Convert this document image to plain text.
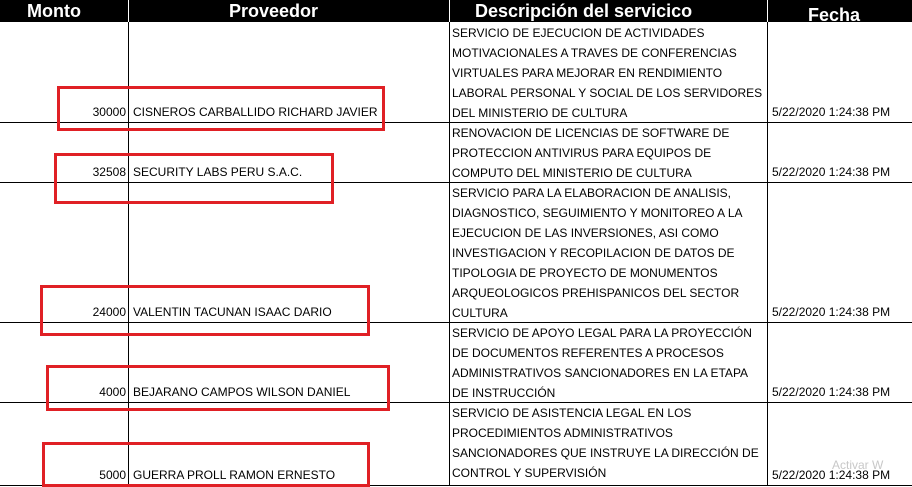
Monto	Proveedor	Descripción del servicico	Fecha
30000 CISNEROS CARBALLIDO RICHARD JAVIER
SERVICIO DE EJECUCION DE ACTIVIDADES
MOTIVACIONALES A TRAVES DE CONFERENCIAS
VIRTUALES PARA MEJORAR EN RENDIMIENTO
LABORAL PERSONAL Y SOCIAL DE LOS SERVIDORES
DEL MINISTERIO DE CULTURA	5/22/2020 1:24:38 PM
32508 SECURITY LABS PERU S.A.C.
RENOVACION DE LICENCIAS DE SOFTWARE DE
PROTECCION ANTIVIRUS PARA EQUIPOS DE
COMPUTO DEL MINISTERIO DE CULTURA	5/22/2020 1:24:38 PM
24000 VALENTIN TACUNAN ISAAC DARIO
SERVICIO PARA LA ELABORACION DE ANALISIS,
DIAGNOSTICO, SEGUIMIENTO Y MONITOREO A LA
EJECUCION DE LAS INVERSIONES, ASI COMO
INVESTIGACION Y RECOPILACION DE DATOS DE
TIPOLOGIA DE PROYECTO DE MONUMENTOS
ARQUEOLOGICOS PREHISPANICOS DEL SECTOR
CULTURA	5/22/2020 1:24:38 PM
4000 BEJARANO CAMPOS WILSON DANIEL
SERVICIO DE APOYO LEGAL PARA LA PROYECCIÓN
DE DOCUMENTOS REFERENTES A PROCESOS
ADMINISTRATIVOS SANCIONADORES EN LA ETAPA
DE INSTRUCCIÓN	5/22/2020 1:24:38 PM
5000 GUERRA PROLL RAMON ERNESTO
SERVICIO DE ASISTENCIA LEGAL EN LOS
PROCEDIMIENTOS ADMINISTRATIVOS
SANCIONADORES QUE INSTRUYE LA DIRECCIÓN DE
CONTROL Y SUPERVISIÓN	5/22/2020 1:24:38 PM
Activar W
